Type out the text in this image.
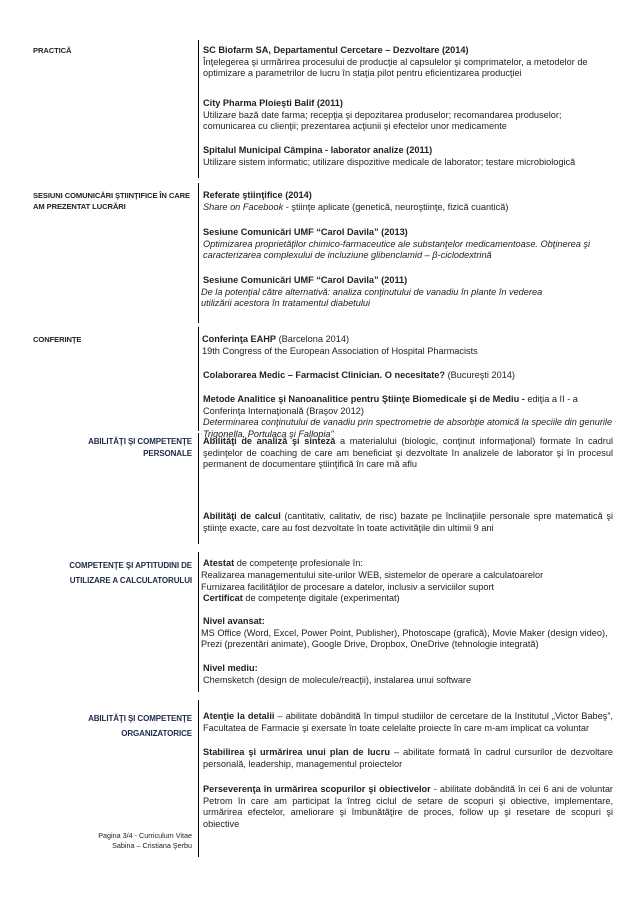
PRACTICĂ	SC Biofarm SA, Departamentul Cercetare – Dezvoltare (2014)
Înţelegerea şi urmărirea procesului de producţie al capsulelor şi comprimatelor, a metodelor de optimizare a parametrilor de lucru în staţia pilot pentru eficientizarea producţiei
City Pharma Ploieşti Balif (2011)
Utilizare bază date farma; recepţia şi depozitarea produselor; recomandarea produselor; comunicarea cu clienţii; prezentarea acţiunii şi efectelor unor medicamente
Spitalul Municipal Câmpina - laborator analize (2011)
Utilizare sistem informatic; utilizare dispozitive medicale de laborator; testare microbiologică
SESIUNI COMUNICĂRI ŞTIINŢIFICE ÎN CARE AM PREZENTAT LUCRĂRI
Referate ştiinţifice (2014)
Share on Facebook - ştiinţe aplicate (genetică, neuroştiinţe, fizică cuantică)
Sesiune Comunicări UMF “Carol Davila” (2013)
Optimizarea proprietăţilor chimico-farmaceutice ale substanţelor medicamentoase. Obţinerea şi caracterizarea complexului de incluziune glibenclamid – β-ciclodextrină
Sesiune Comunicări UMF “Carol Davila” (2011)
De la potenţial către alternativă: analiza conţinutului de vanadiu în plante în vederea utilizării acestora în tratamentul diabetului
CONFERINŢE	Conferinţa EAHP (Barcelona 2014)
19th Congress of the European Association of Hospital Pharmacists
Colaborarea Medic – Farmacist Clinician. O necesitate? (Bucureşti 2014)
Metode Analitice şi Nanoanalitice pentru Ştiinţe Biomedicale şi de Mediu - ediţia a II - a
Conferinţa Internaţională (Braşov 2012)
Determinarea conţinutului de vanadiu prin spectrometrie de absorbţie atomică la speciile din genurile Trigonella, Portulaca şi Fallopia”
ABILITĂŢI ŞI COMPETENŢE PERSONALE
Abilităţi de analiză şi sinteză a materialului (biologic, conţinut informaţional) formate în cadrul şedinţelor de coaching de care am beneficiat şi dezvoltate în analizele de laborator şi în procesul permanent de documentare ştiinţifică în care mă aflu
Abilităţi de calcul (cantitativ, calitativ, de risc) bazate pe înclinaţiile personale spre matematică şi ştiinţe exacte, care au fost dezvoltate în toate activităţile din ultimii 9 ani
COMPETENŢE ŞI APTITUDINI DE UTILIZARE A CALCULATORULUI
Atestat de competenţe profesionale în:
Realizarea managementului site-urilor WEB, sistemelor de operare a calculatoarelor
Furnizarea facilităţilor de procesare a datelor, inclusiv a serviciilor suport
Certificat de competenţe digitale (experimentat)
Nivel avansat:
MS Office (Word, Excel, Power Point, Publisher), Photoscape (grafică), Movie Maker (design video),
Prezi (prezentări animate), Google Drive, Dropbox, OneDrive (tehnologie integrată)
Nivel mediu:
Chemsketch (design de molecule/reacţii), instalarea unui software
ABILITĂŢI ŞI COMPETENŢE ORGANIZATORICE
Atenţie la detalii – abilitate dobândită în timpul studiilor de cercetare de la Institutul „Victor Babeş”, Facultatea de Farmacie şi exersate în toate celelalte proiecte în care m-am implicat ca voluntar
Stabilirea şi urmărirea unui plan de lucru – abilitate formată în cadrul cursurilor de dezvoltare personală, leadership, managementul proiectelor
Perseverenţa în urmărirea scopurilor şi obiectivelor - abilitate dobândită în cei 6 ani de voluntar Petrom în care am participat la întreg ciclul de setare de scopuri şi obiective, implementare, urmărirea efectelor, ameliorare şi îmbunătăţire de proces, follow up şi resetare de scopuri şi obiective
Pagina 3/4 - Curriculum Vitae
Sabina – Cristiana Şerbu
